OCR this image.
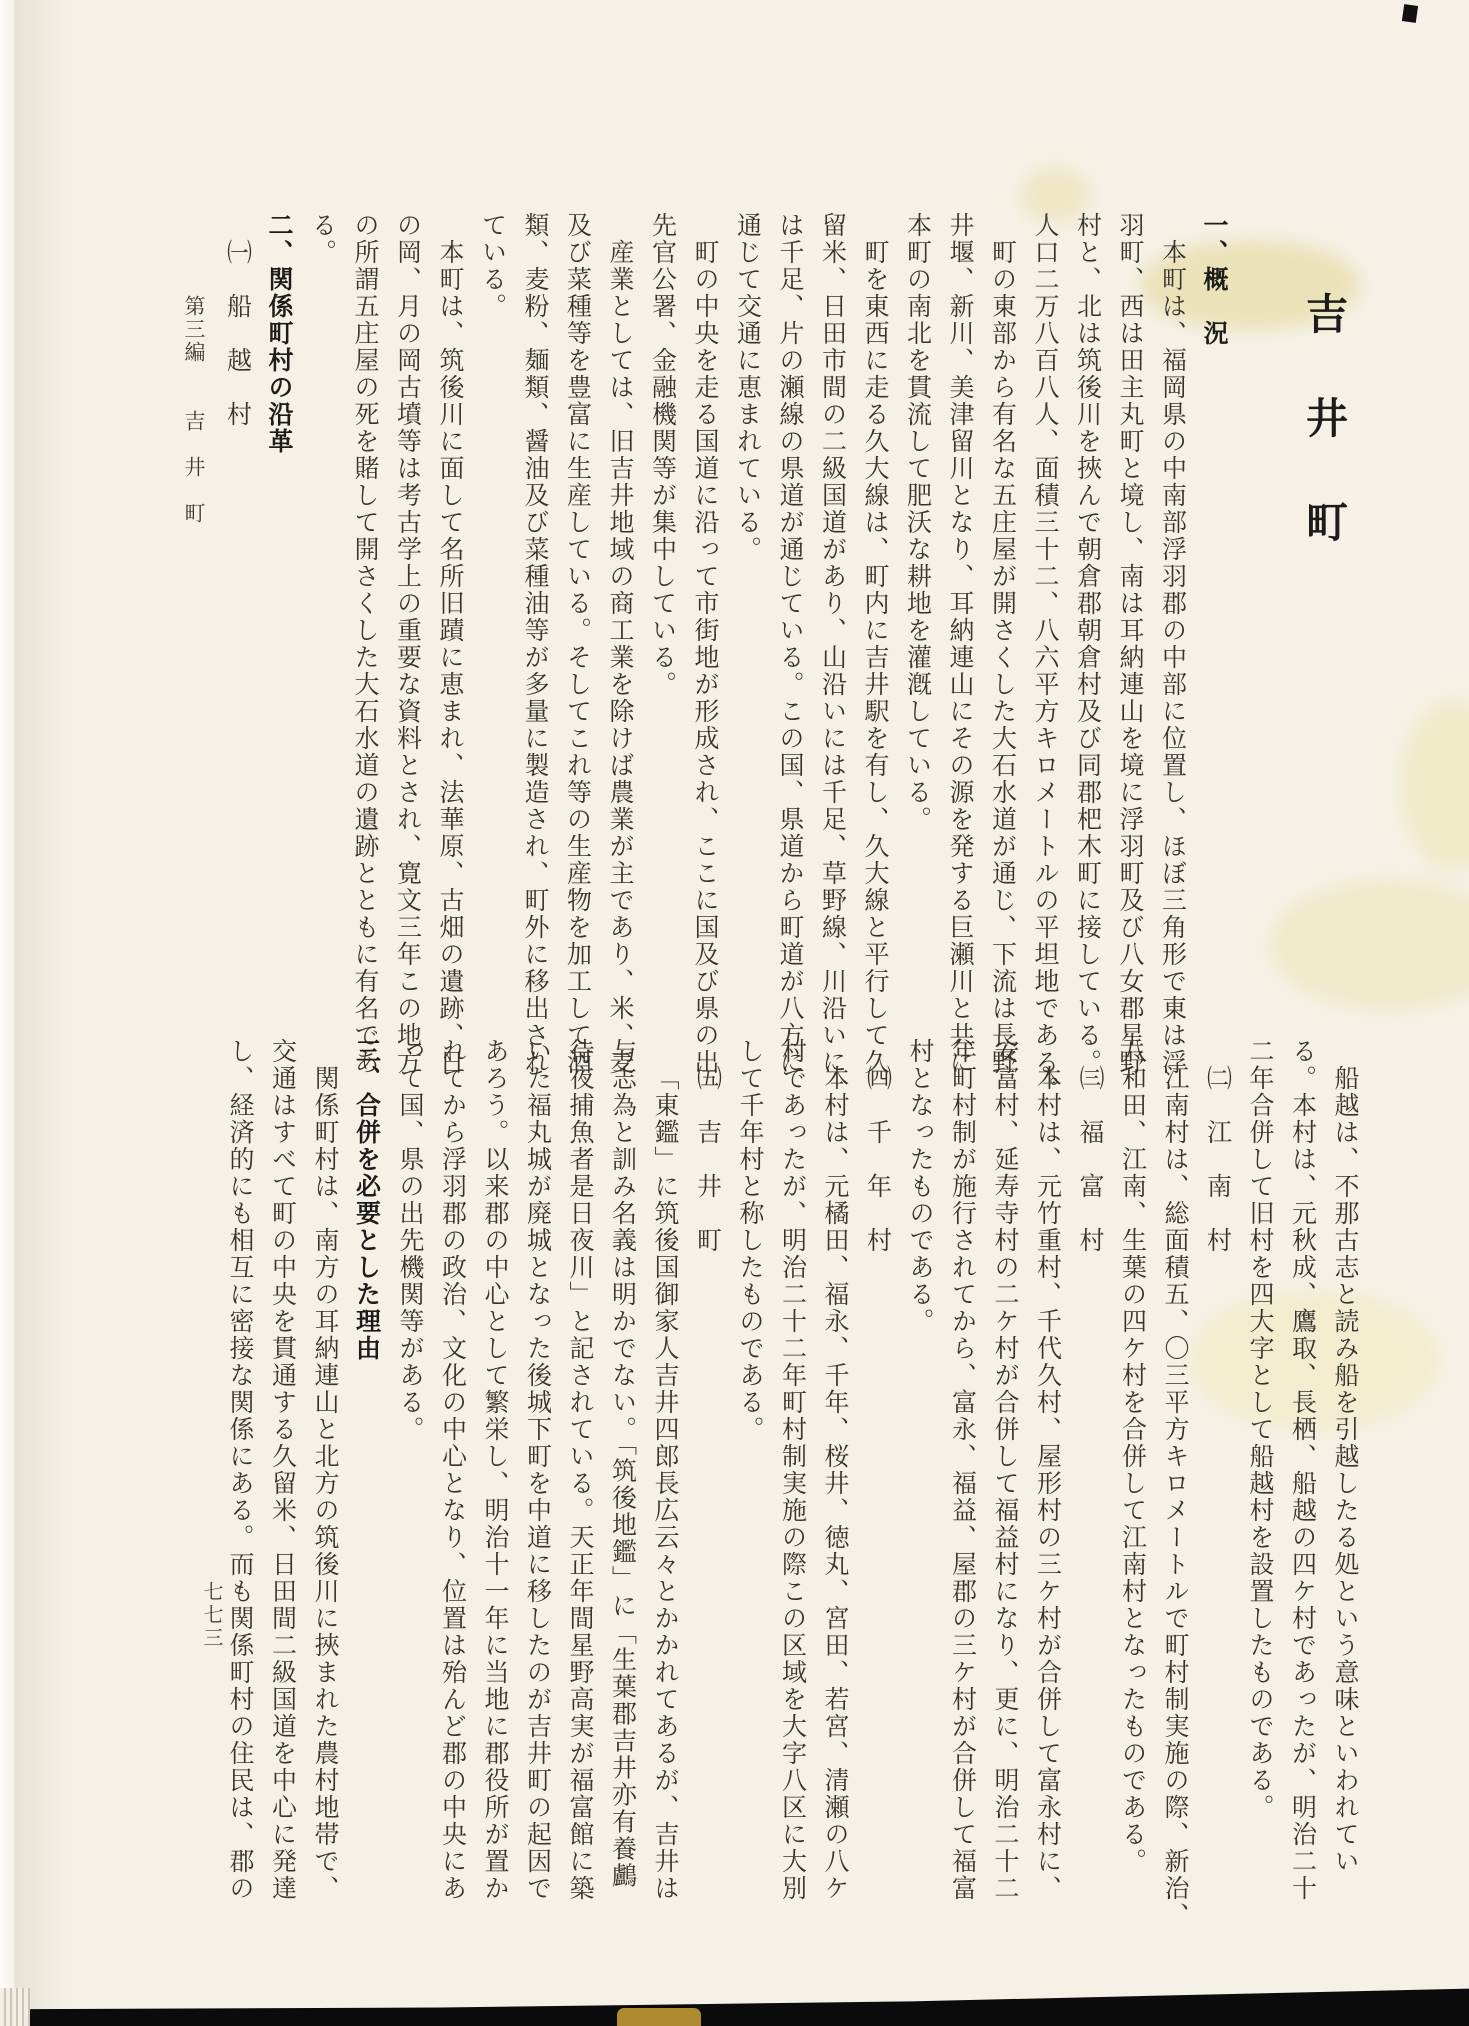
吉井町
一、概　況
本町は、福岡県の中南部浮羽郡の中部に位置し、ほぼ三角形で東は浮
羽町、西は田主丸町と境し、南は耳納連山を境に浮羽町及び八女郡星野
村と、北は筑後川を挾んで朝倉郡朝倉村及び同郡杷木町に接している。
人口二万八百八人、面積三十二、八六平方キロメートルの平坦地である。
町の東部から有名な五庄屋が開さくした大石水道が通じ、下流は長野
井堰、新川、美津留川となり、耳納連山にその源を発する巨瀬川と共に
本町の南北を貫流して肥沃な耕地を灌漑している。
町を東西に走る久大線は、町内に吉井駅を有し、久大線と平行して久
留米、日田市間の二級国道があり、山沿いには千足、草野線、川沿いに
は千足、片の瀬線の県道が通じている。この国、県道から町道が八方に
通じて交通に恵まれている。
町の中央を走る国道に沿って市街地が形成され、ここに国及び県の出
先官公署、金融機関等が集中している。
産業としては、旧吉井地域の商工業を除けば農業が主であり、米、麦
及び菜種等を豊富に生産している。そしてこれ等の生産物を加工して酒
類、麦粉、麺類、醤油及び菜種油等が多量に製造され、町外に移出され
ている。
本町は、筑後川に面して名所旧蹟に恵まれ、法華原、古畑の遺跡、日
の岡、月の岡古墳等は考古学上の重要な資料とされ、寛文三年この地方
の所謂五庄屋の死を賭して開さくした大石水道の遺跡とともに有名であ
る。
二、関係町村の沿革
㈠　船　越　村
第三編　　吉　井　町
船越は、不那古志と読み船を引越したる処という意味といわれてい
る。本村は、元秋成、鷹取、長栖、船越の四ケ村であったが、明治二十
二年合併して旧村を四大字として船越村を設置したものである。
㈡　江　南　村
江南村は、総面積五、〇三平方キロメートルで町村制実施の際、新治、
八和田、江南、生葉の四ケ村を合併して江南村となったものである。
㈢　福　富　村
本村は、元竹重村、千代久村、屋形村の三ケ村が合併して富永村に、
安富村、延寿寺村の二ケ村が合併して福益村になり、更に、明治二十二
年町村制が施行されてから、富永、福益、屋郡の三ケ村が合併して福富
村となったものである。
㈣　千　年　村
本村は、元橘田、福永、千年、桜井、徳丸、宮田、若宮、清瀬の八ケ
村であったが、明治二十二年町村制実施の際この区域を大字八区に大別
して千年村と称したものである。
㈤　吉　井　町
「東鑑」に筑後国御家人吉井四郎長広云々とかかれてあるが、吉井は
与志為と訓み名義は明かでない。「筑後地鑑」に「生葉郡吉井亦有養鸕
待夜捕魚者是日夜川」と記されている。天正年間星野高実が福富館に築
いた福丸城が廃城となった後城下町を中道に移したのが吉井町の起因で
あろう。以来郡の中心として繁栄し、明治十一年に当地に郡役所が置か
れてから浮羽郡の政治、文化の中心となり、位置は殆んど郡の中央にあ
って国、県の出先機関等がある。
三、合併を必要とした理由
関係町村は、南方の耳納連山と北方の筑後川に挾まれた農村地帯で、
交通はすべて町の中央を貫通する久留米、日田間二級国道を中心に発達
し、経済的にも相互に密接な関係にある。而も関係町村の住民は、郡の
七七三
